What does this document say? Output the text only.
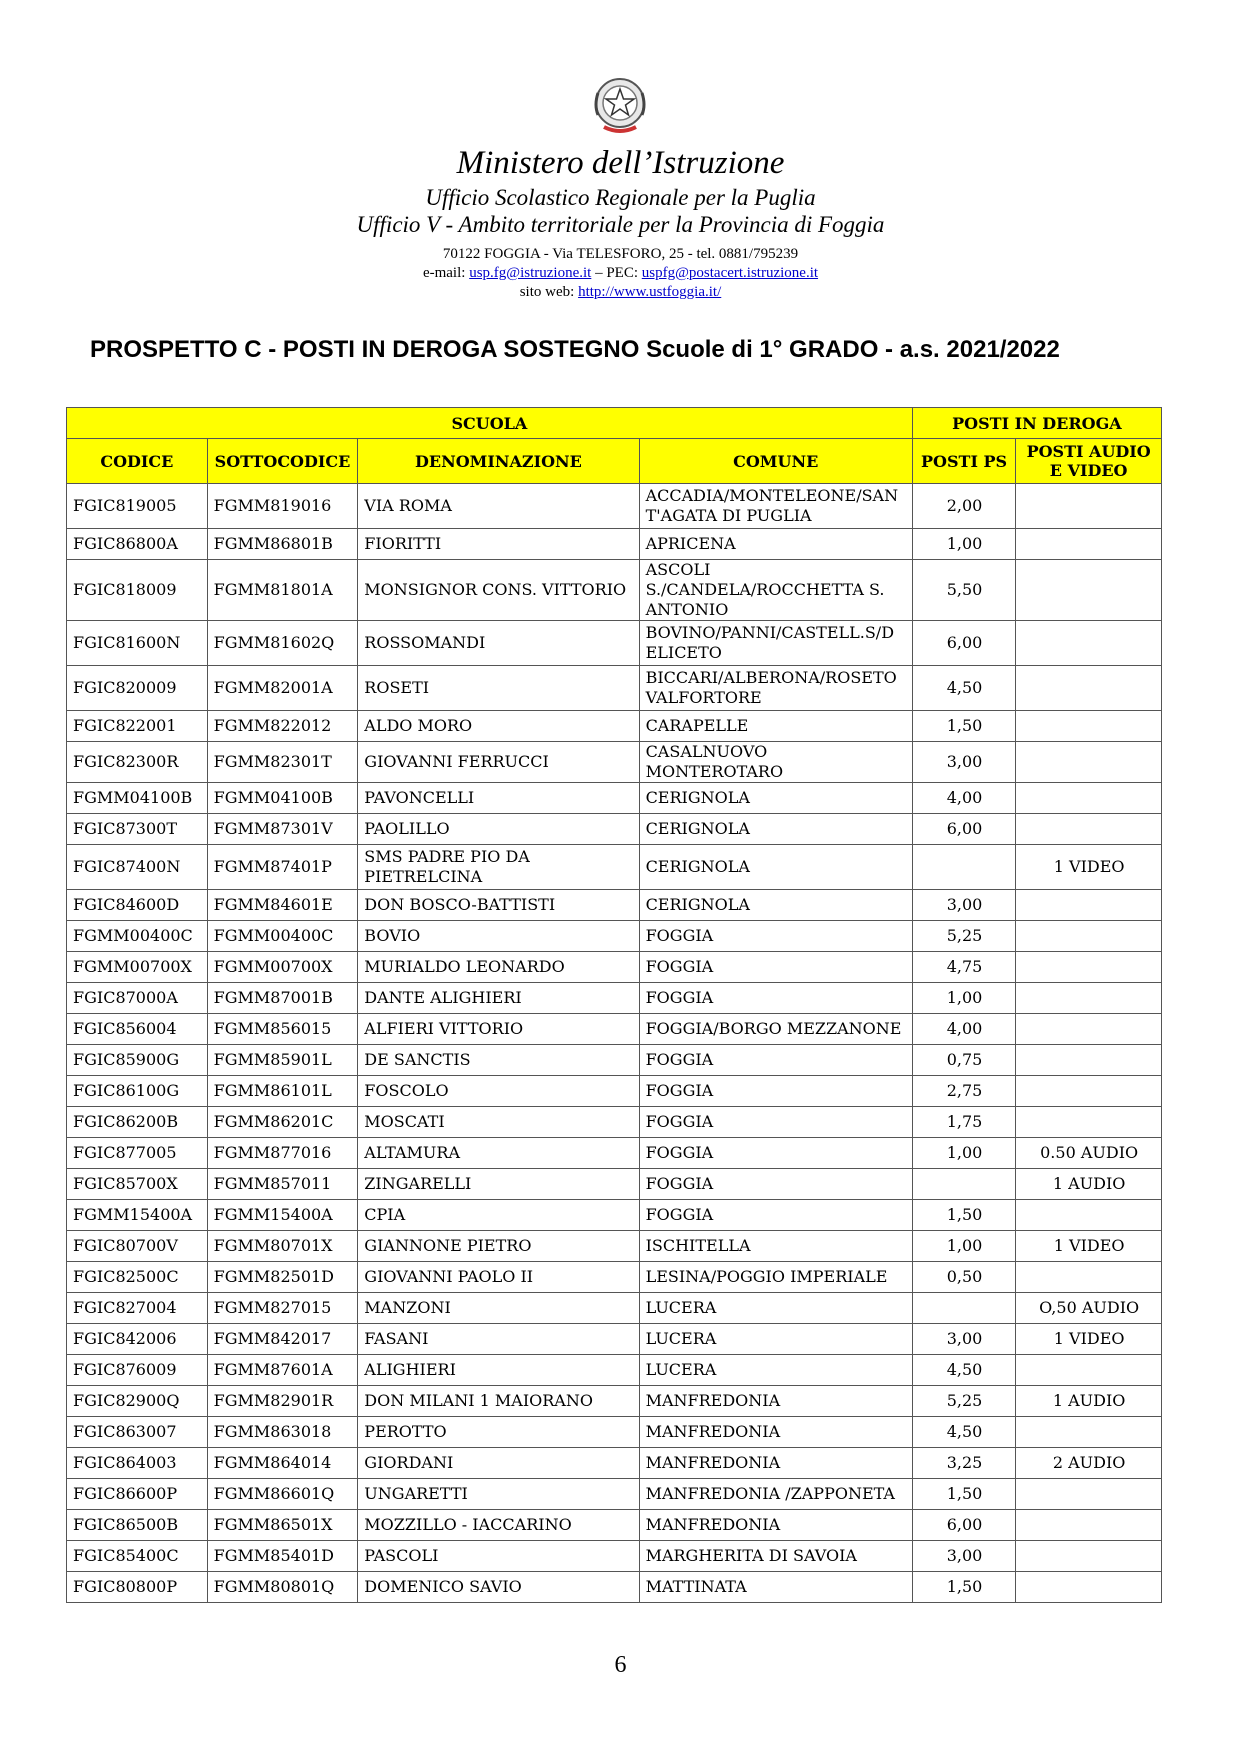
Ministero dell’Istruzione
Ufficio Scolastico Regionale per la Puglia
Ufficio V - Ambito territoriale per la Provincia di Foggia
70122 FOGGIA - Via TELESFORO, 25 - tel. 0881/795239
e-mail: usp.fg@istruzione.it – PEC: uspfg@postacert.istruzione.it
sito web: http://www.ustfoggia.it/
PROSPETTO C - POSTI IN DEROGA SOSTEGNO Scuole di 1° GRADO - a.s. 2021/2022
SCUOLA				POSTI IN DEROGA	
CODICE	SOTTOCODICE	DENOMINAZIONE	COMUNE	POSTI PS	POSTI AUDIO E VIDEO
FGIC819005	FGMM819016	VIA ROMA	ACCADIA/MONTELEONE/SAN T'AGATA DI PUGLIA	2,00	
FGIC86800A	FGMM86801B	FIORITTI	APRICENA	1,00	
FGIC818009	FGMM81801A	MONSIGNOR CONS. VITTORIO	ASCOLI S./CANDELA/ROCCHETTA S. ANTONIO	5,50	
FGIC81600N	FGMM81602Q	ROSSOMANDI	BOVINO/PANNI/CASTELL.S/D ELICETO	6,00	
FGIC820009	FGMM82001A	ROSETI	BICCARI/ALBERONA/ROSETO VALFORTORE	4,50	
FGIC822001	FGMM822012	ALDO MORO	CARAPELLE	1,50	
FGIC82300R	FGMM82301T	GIOVANNI FERRUCCI	CASALNUOVO MONTEROTARO	3,00	
FGMM04100B	FGMM04100B	PAVONCELLI	CERIGNOLA	4,00	
FGIC87300T	FGMM87301V	PAOLILLO	CERIGNOLA	6,00	
FGIC87400N	FGMM87401P	SMS PADRE PIO DA PIETRELCINA	CERIGNOLA		1 VIDEO
FGIC84600D	FGMM84601E	DON BOSCO-BATTISTI	CERIGNOLA	3,00	
FGMM00400C	FGMM00400C	BOVIO	FOGGIA	5,25	
FGMM00700X	FGMM00700X	MURIALDO LEONARDO	FOGGIA	4,75	
FGIC87000A	FGMM87001B	DANTE ALIGHIERI	FOGGIA	1,00	
FGIC856004	FGMM856015	ALFIERI VITTORIO	FOGGIA/BORGO MEZZANONE	4,00	
FGIC85900G	FGMM85901L	DE SANCTIS	FOGGIA	0,75	
FGIC86100G	FGMM86101L	FOSCOLO	FOGGIA	2,75	
FGIC86200B	FGMM86201C	MOSCATI	FOGGIA	1,75	
FGIC877005	FGMM877016	ALTAMURA	FOGGIA	1,00	0.50 AUDIO
FGIC85700X	FGMM857011	ZINGARELLI	FOGGIA		1 AUDIO
FGMM15400A	FGMM15400A	CPIA	FOGGIA	1,50	
FGIC80700V	FGMM80701X	GIANNONE PIETRO	ISCHITELLA	1,00	1 VIDEO
FGIC82500C	FGMM82501D	GIOVANNI PAOLO II	LESINA/POGGIO IMPERIALE	0,50	
FGIC827004	FGMM827015	MANZONI	LUCERA		O,50 AUDIO
FGIC842006	FGMM842017	FASANI	LUCERA	3,00	1 VIDEO
FGIC876009	FGMM87601A	ALIGHIERI	LUCERA	4,50	
FGIC82900Q	FGMM82901R	DON MILANI 1 MAIORANO	MANFREDONIA	5,25	1 AUDIO
FGIC863007	FGMM863018	PEROTTO	MANFREDONIA	4,50	
FGIC864003	FGMM864014	GIORDANI	MANFREDONIA	3,25	2 AUDIO
FGIC86600P	FGMM86601Q	UNGARETTI	MANFREDONIA /ZAPPONETA	1,50	
FGIC86500B	FGMM86501X	MOZZILLO - IACCARINO	MANFREDONIA	6,00	
FGIC85400C	FGMM85401D	PASCOLI	MARGHERITA DI SAVOIA	3,00	
FGIC80800P	FGMM80801Q	DOMENICO SAVIO	MATTINATA	1,50	
6
